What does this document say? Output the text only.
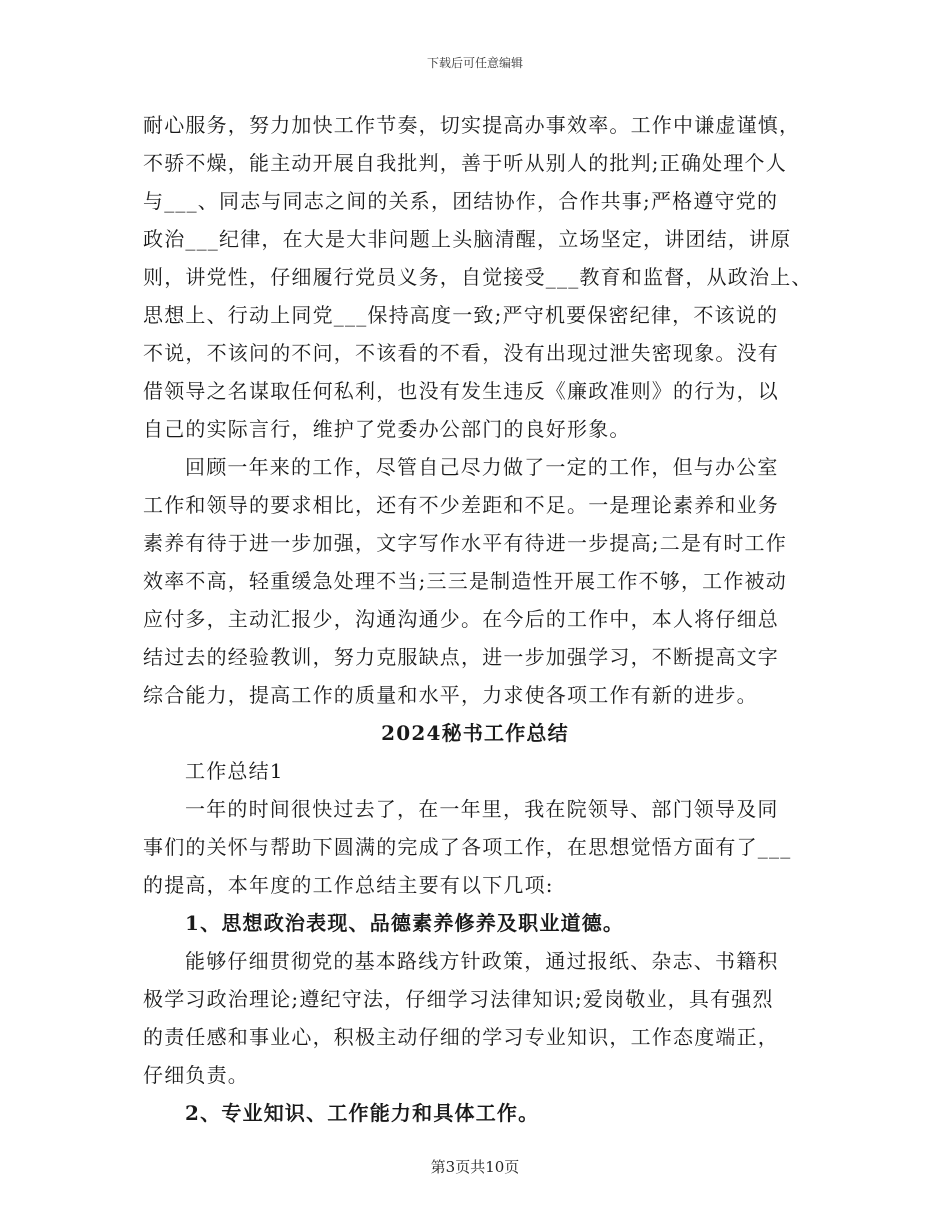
下载后可任意编辑
耐心服务，努力加快工作节奏，切实提高办事效率。工作中谦虚谨慎，
不骄不燥，能主动开展自我批判，善于听从别人的批判;正确处理个人
与___、同志与同志之间的关系，团结协作，合作共事;严格遵守党的
政治___纪律，在大是大非问题上头脑清醒，立场坚定，讲团结，讲原
则，讲党性，仔细履行党员义务，自觉接受___教育和监督，从政治上、
思想上、行动上同党___保持高度一致;严守机要保密纪律，不该说的
不说，不该问的不问，不该看的不看，没有出现过泄失密现象。没有
借领导之名谋取任何私利，也没有发生违反《廉政准则》的行为，以
自己的实际言行，维护了党委办公部门的良好形象。
回顾一年来的工作，尽管自己尽力做了一定的工作，但与办公室
工作和领导的要求相比，还有不少差距和不足。一是理论素养和业务
素养有待于进一步加强，文字写作水平有待进一步提高;二是有时工作
效率不高，轻重缓急处理不当;三三是制造性开展工作不够，工作被动
应付多，主动汇报少，沟通沟通少。在今后的工作中，本人将仔细总
结过去的经验教训，努力克服缺点，进一步加强学习，不断提高文字
综合能力，提高工作的质量和水平，力求使各项工作有新的进步。
2024秘书工作总结
工作总结1
一年的时间很快过去了，在一年里，我在院领导、部门领导及同
事们的关怀与帮助下圆满的完成了各项工作，在思想觉悟方面有了___
的提高，本年度的工作总结主要有以下几项:
1、思想政治表现、品德素养修养及职业道德。
能够仔细贯彻党的基本路线方针政策，通过报纸、杂志、书籍积
极学习政治理论;遵纪守法，仔细学习法律知识;爱岗敬业，具有强烈
的责任感和事业心，积极主动仔细的学习专业知识，工作态度端正，
仔细负责。
2、专业知识、工作能力和具体工作。
第3页共10页
